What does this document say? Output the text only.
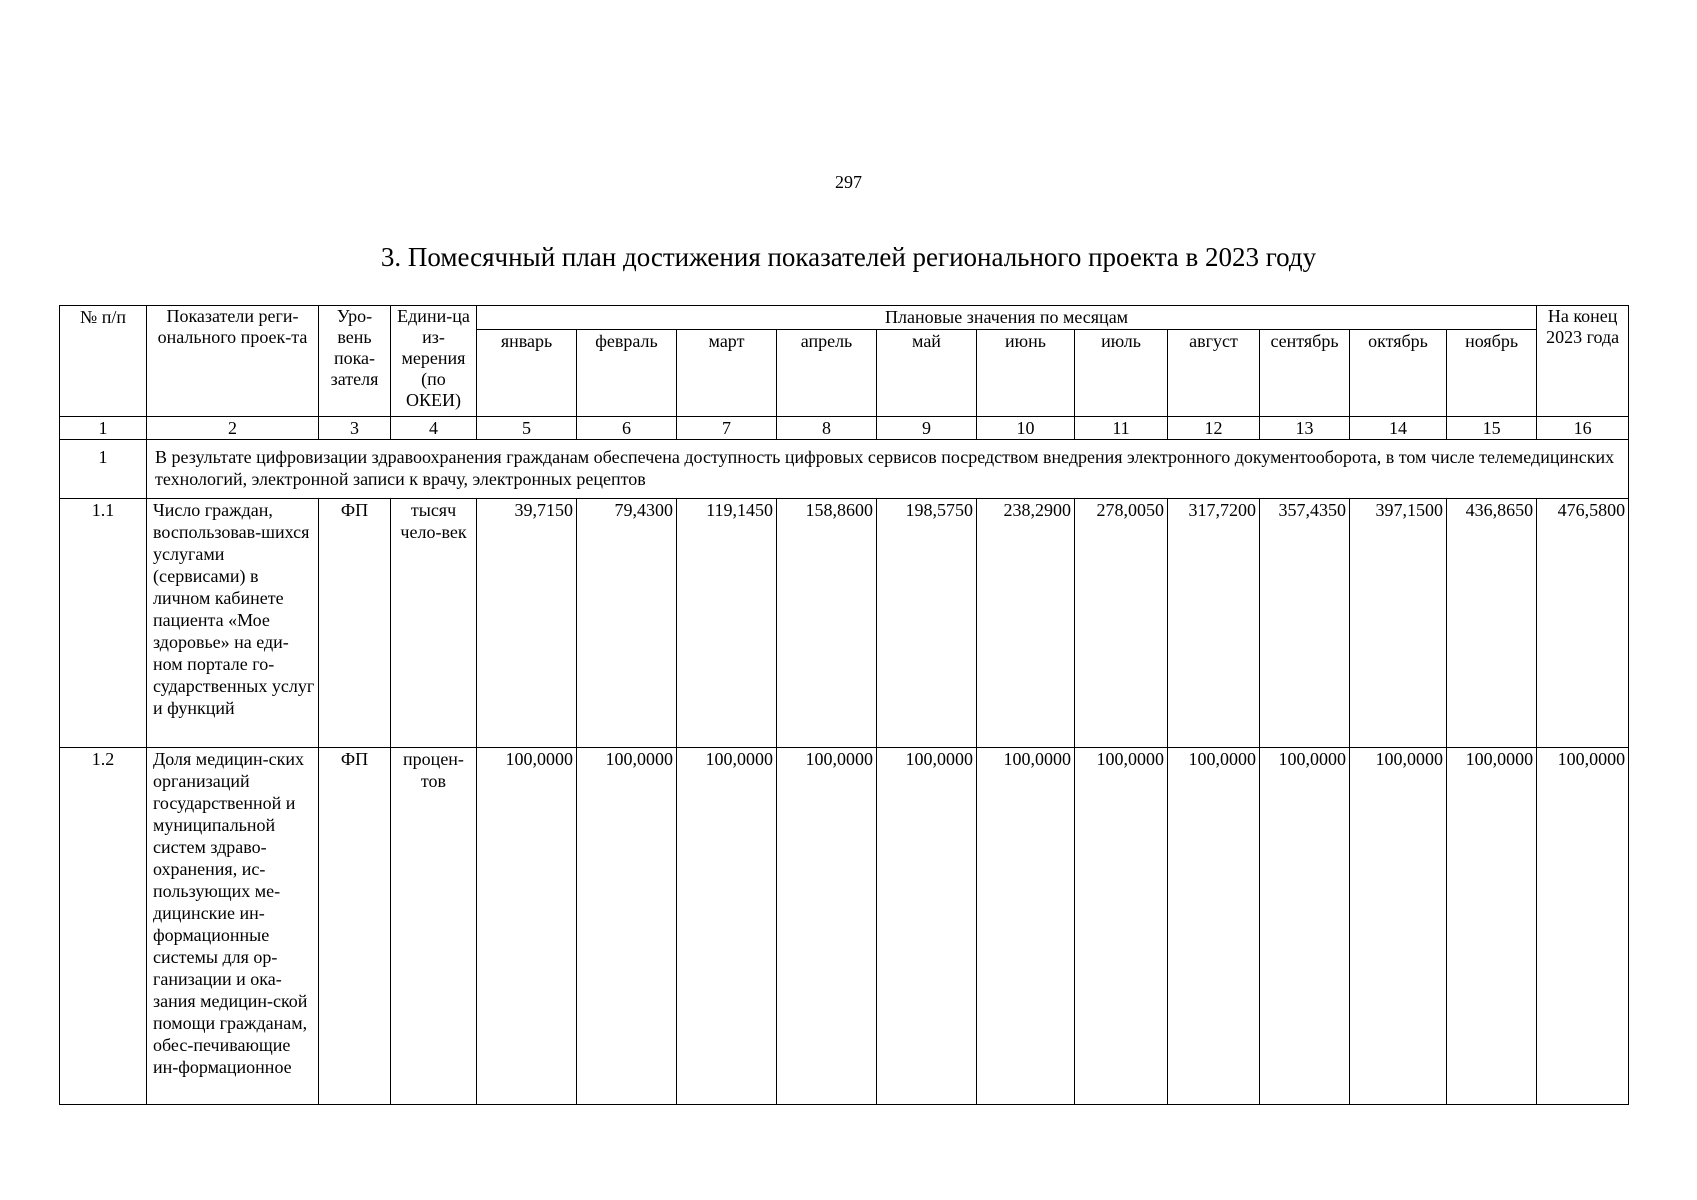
297
3. Помесячный план достижения показателей регионального проекта в 2023 году
№ п/п	Показатели реги-онального проек-та	Уро-вень пока-зателя	Едини-ца из-мерения (по ОКЕИ)	Плановые значения по месяцам											На конец 2023 года
				январь	февраль	март	апрель	май	июнь	июль	август	сентябрь	октябрь	ноябрь	
1	2	3	4	5	6	7	8	9	10	11	12	13	14	15	16
1	В результате цифровизации здравоохранения гражданам обеспечена доступность цифровых сервисов посредством внедрения электронного документооборота, в том числе телемедицинских технологий, электронной записи к врачу, электронных рецептов														
1.1	Число граждан, воспользовав-шихся услугами (сервисами) в личном кабинете пациента «Мое здоровье» на еди-ном портале го-сударственных услуг и функций	ФП	тысяч чело-век	39,7150	79,4300	119,1450	158,8600	198,5750	238,2900	278,0050	317,7200	357,4350	397,1500	436,8650	476,5800
1.2	Доля медицин-ских организаций государственной и муниципальной систем здраво-охранения, ис-пользующих ме-дицинские ин-формационные системы для ор-ганизации и ока-зания медицин-ской помощи гражданам, обес-печивающие ин-формационное	ФП	процен-тов	100,0000	100,0000	100,0000	100,0000	100,0000	100,0000	100,0000	100,0000	100,0000	100,0000	100,0000	100,0000
